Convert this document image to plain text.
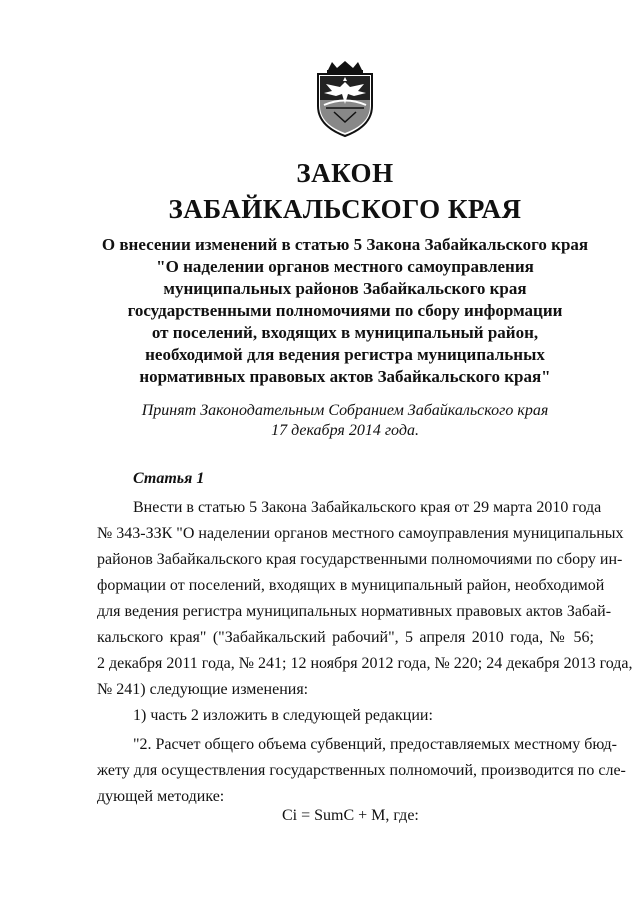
ЗАКОН
ЗАБАЙКАЛЬСКОГО КРАЯ
О внесении изменений в статью 5 Закона Забайкальского края
"О наделении органов местного самоуправления
муниципальных районов Забайкальского края
государственными полномочиями по сбору информации
от поселений, входящих в муниципальный район,
необходимой для ведения регистра муниципальных
нормативных правовых актов Забайкальского края"
Принят Законодательным Собранием Забайкальского края
17 декабря 2014 года.
Статья 1
Внести в статью 5 Закона Забайкальского края от 29 марта 2010 года
№ 343-ЗЗК "О наделении органов местного самоуправления муниципальных
районов Забайкальского края государственными полномочиями по сбору ин-
формации от поселений, входящих в муниципальный район, необходимой
для ведения регистра муниципальных нормативных правовых актов Забай-
кальского края" ("Забайкальский рабочий", 5 апреля 2010 года, № 56;
2 декабря 2011 года, № 241; 12 ноября 2012 года, № 220; 24 декабря 2013 года,
№ 241) следующие изменения:
1) часть 2 изложить в следующей редакции:
"2. Расчет общего объема субвенций, предоставляемых местному бюд-
жету для осуществления государственных полномочий, производится по сле-
дующей методике:
Ci = SumC + M, где:
